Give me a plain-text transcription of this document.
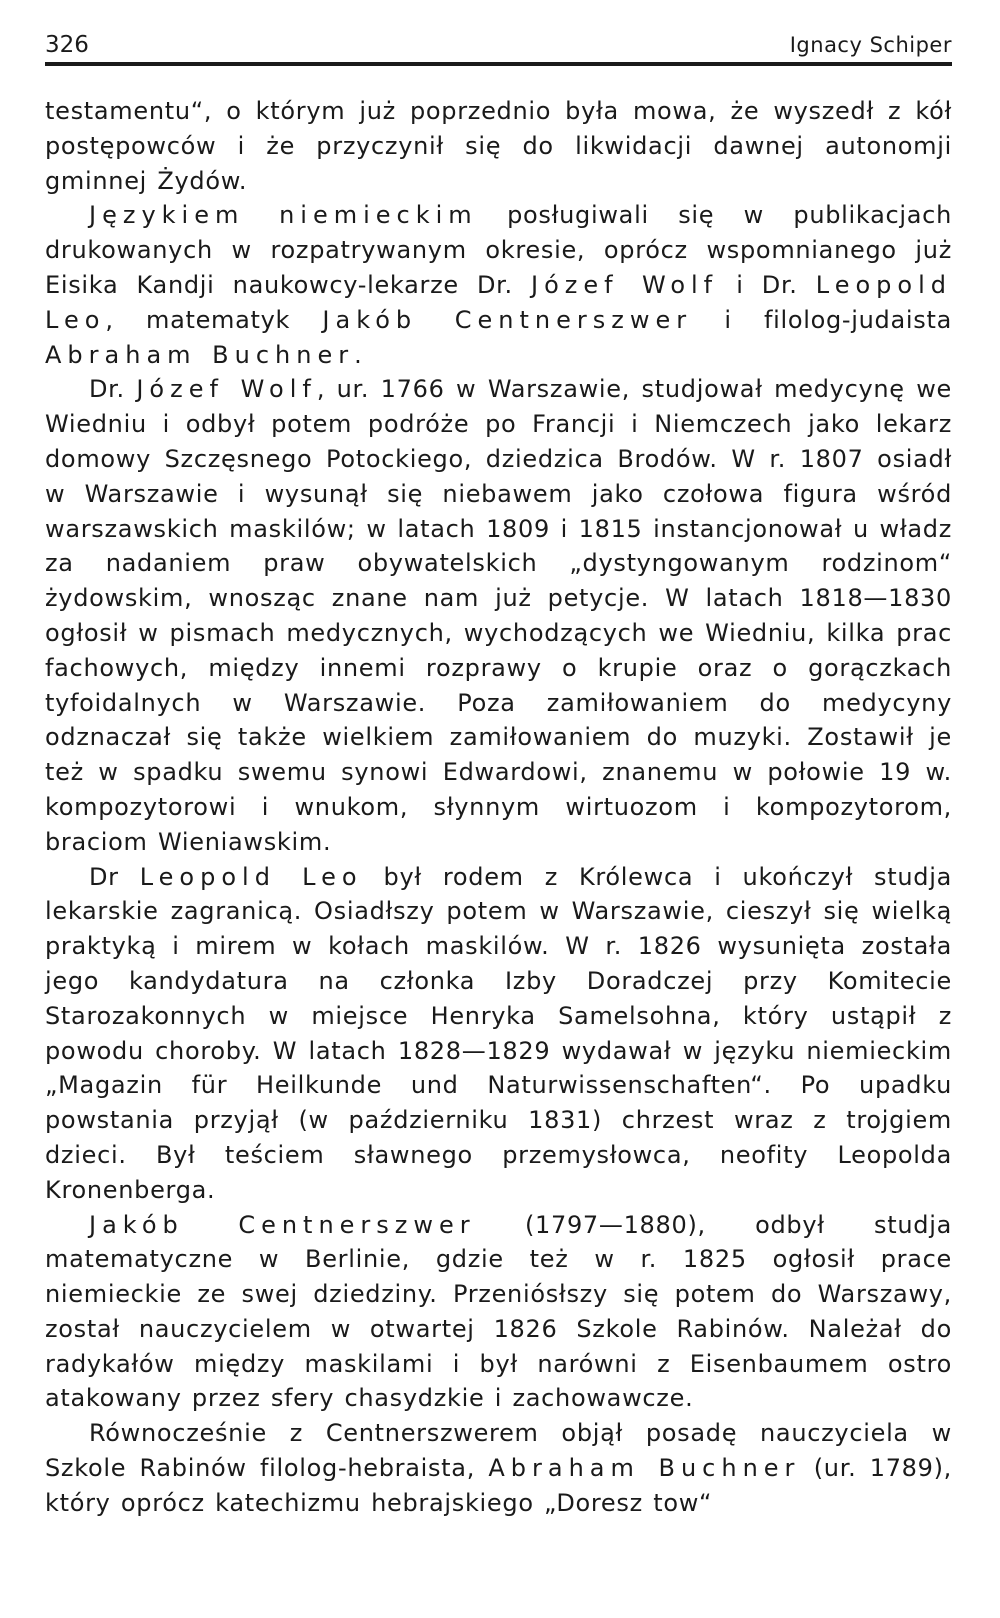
326	Ignacy Schiper

testamentu“, o którym już poprzednio była mowa, że wyszedł z kół postępowców i że przyczynił się do likwidacji dawnej autonomji gminnej Żydów.

Językiem niemieckim posługiwali się w publikacjach drukowanych w rozpatrywanym okresie, oprócz wspomnianego już Eisika Kandji naukowcy-lekarze Dr. Józef Wolf i Dr. Leopold Leo, matematyk Jakób Centnerszwer i filolog-judaista Abraham Buchner.

Dr. Józef Wolf, ur. 1766 w Warszawie, studjował medycynę we Wiedniu i odbył potem podróże po Francji i Niemczech jako lekarz domowy Szczęsnego Potockiego, dziedzica Brodów. W r. 1807 osiadł w Warszawie i wysunął się niebawem jako czołowa figura wśród warszawskich maskilów; w latach 1809 i 1815 instancjonował u władz za nadaniem praw obywatelskich „dystyngowanym rodzinom“ żydowskim, wnosząc znane nam już petycje. W latach 1818—1830 ogłosił w pismach medycznych, wychodzących we Wiedniu, kilka prac fachowych, między innemi rozprawy o krupie oraz o gorączkach tyfoidalnych w Warszawie. Poza zamiłowaniem do medycyny odznaczał się także wielkiem zamiłowaniem do muzyki. Zostawił je też w spadku swemu synowi Edwardowi, znanemu w połowie 19 w. kompozytorowi i wnukom, słynnym wirtuozom i kompozytorom, braciom Wieniawskim.

Dr Leopold Leo był rodem z Królewca i ukończył studja lekarskie zagranicą. Osiadłszy potem w Warszawie, cieszył się wielką praktyką i mirem w kołach maskilów. W r. 1826 wysunięta została jego kandydatura na członka Izby Doradczej przy Komitecie Starozakonnych w miejsce Henryka Samelsohna, który ustąpił z powodu choroby. W latach 1828—1829 wydawał w języku niemieckim „Magazin für Heilkunde und Naturwissenschaften“. Po upadku powstania przyjął (w październiku 1831) chrzest wraz z trojgiem dzieci. Był teściem sławnego przemysłowca, neofity Leopolda Kronenberga.

Jakób Centnerszwer (1797—1880), odbył studja matematyczne w Berlinie, gdzie też w r. 1825 ogłosił prace niemieckie ze swej dziedziny. Przeniósłszy się potem do Warszawy, został nauczycielem w otwartej 1826 Szkole Rabinów. Należał do radykałów między maskilami i był narówni z Eisenbaumem ostro atakowany przez sfery chasydzkie i zachowawcze.

Równocześnie z Centnerszwerem objął posadę nauczyciela w Szkole Rabinów filolog-hebraista, Abraham Buchner (ur. 1789), który oprócz katechizmu hebrajskiego „Doresz tow“
